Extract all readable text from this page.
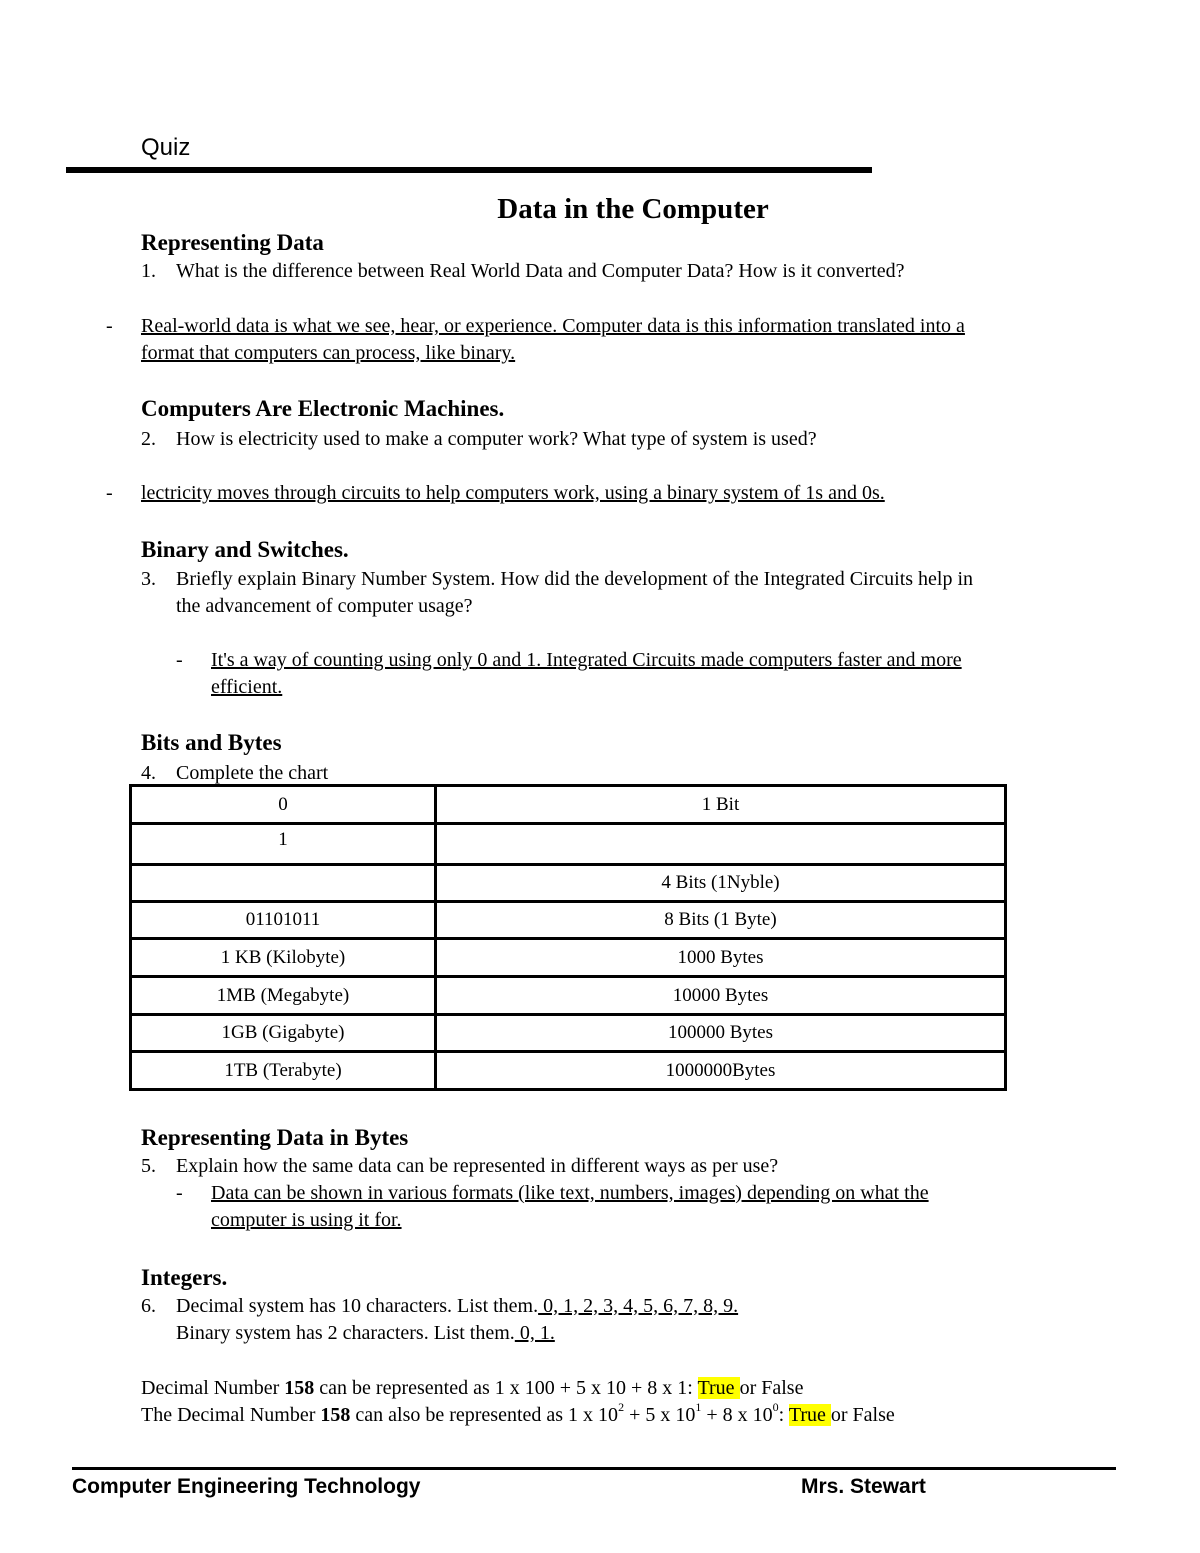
Quiz
Data in the Computer
Representing Data
1. What is the difference between Real World Data and Computer Data? How is it converted?
- Real-world data is what we see, hear, or experience. Computer data is this information translated into a
format that computers can process, like binary.
Computers Are Electronic Machines.
2. How is electricity used to make a computer work? What type of system is used?
- lectricity moves through circuits to help computers work, using a binary system of 1s and 0s.
Binary and Switches.
3. Briefly explain Binary Number System. How did the development of the Integrated Circuits help in
the advancement of computer usage?
- It's a way of counting using only 0 and 1. Integrated Circuits made computers faster and more
efficient.
Bits and Bytes
4. Complete the chart
0	1 Bit
1	
	4 Bits (1Nyble)
01101011	8 Bits (1 Byte)
1 KB (Kilobyte)	1000 Bytes
1MB (Megabyte)	10000 Bytes
1GB (Gigabyte)	100000 Bytes
1TB (Terabyte)	1000000Bytes
Representing Data in Bytes
5. Explain how the same data can be represented in different ways as per use?
- Data can be shown in various formats (like text, numbers, images) depending on what the
computer is using it for.
Integers.
6. Decimal system has 10 characters. List them. 0, 1, 2, 3, 4, 5, 6, 7, 8, 9.
Binary system has 2 characters. List them. 0, 1.
Decimal Number 158 can be represented as 1 x 100 + 5 x 10 + 8 x 1: True or False
The Decimal Number 158 can also be represented as 1 x $10^2 + 5$ x $10^1 + 8$ x $10^0$: True or False
Computer Engineering Technology	Mrs. Stewart
